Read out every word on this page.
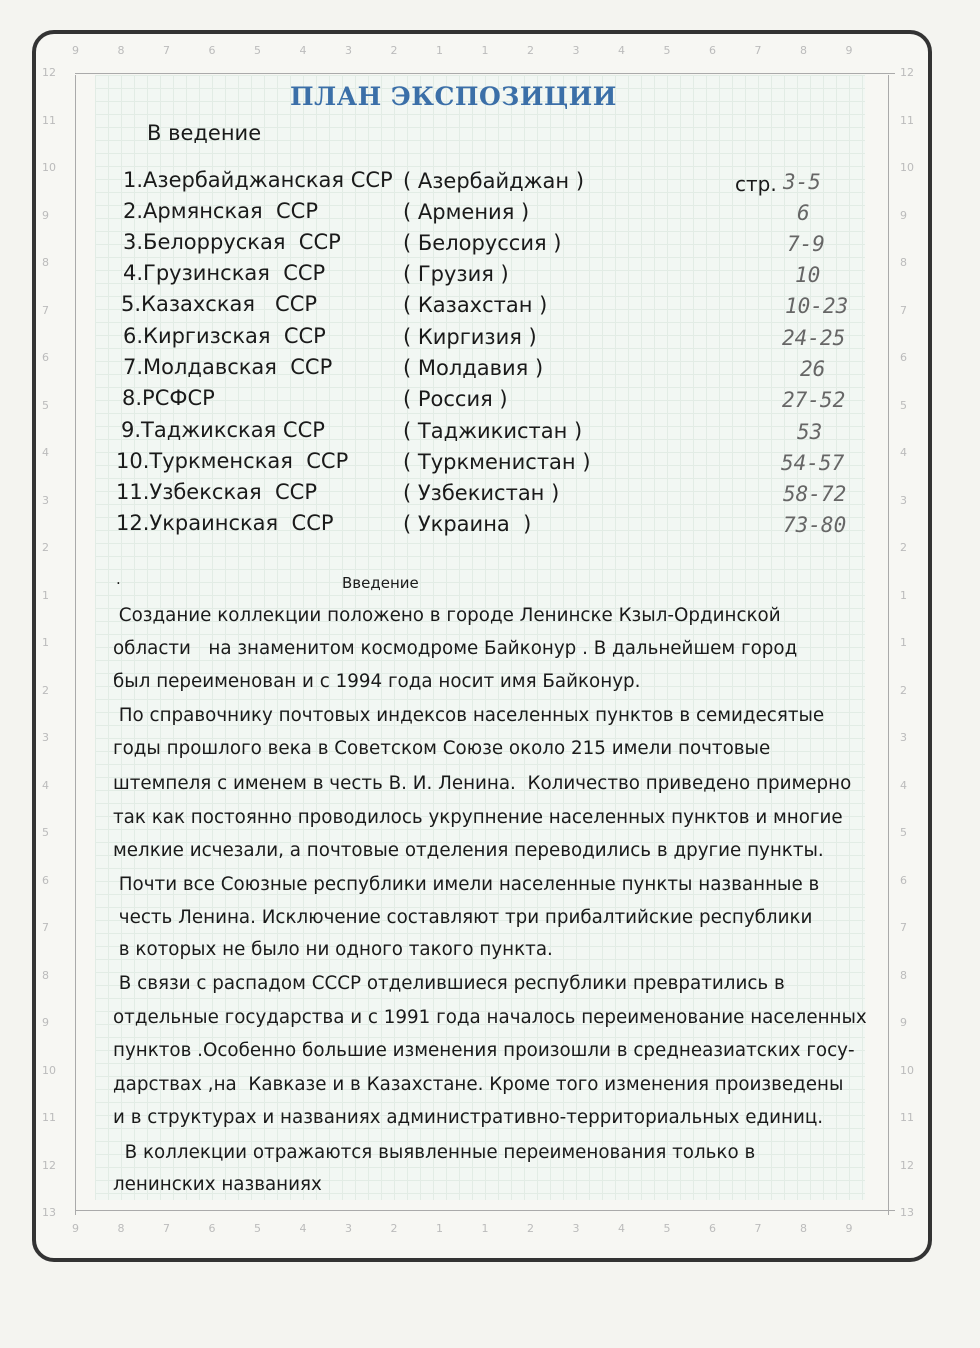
9
9
8
8
7
7
6
6
5
5
4
4
3
3
2
2
1
1
1
1
2
2
3
3
4
4
5
5
6
6
7
7
8
8
9
9
12	12
11	11
10	10
9	9
8	8
7	7
6	6
5	5
4	4
3	3
2	2
1	1
1	1
2	2
3	3
4	4
5	5
6	6
7	7
8	8
9	9
10	10
11	11
12	12
13	13
ПЛАН ЭКСПОЗИЦИИ
В ведение
стр.
1.Азербайджанская ССР ( Азербайджан )	3-5
2.Армянская  ССР	( Армения )	6
3.Белорруская  ССР	( Белоруссия )	7-9
4.Грузинская  ССР	( Грузия )	10
5.Казахская   ССР	( Казахстан )	10-23
6.Киргизская  ССР	( Киргизия )	24-25
7.Молдавская  ССР	( Молдавия )	26
8.РСФСР	( Россия )	27-52
9.Таджикская ССР	( Таджикистан )	53
10.Туркменская  ССР	( Туркменистан )	54-57
11.Узбекская  ССР	( Узбекистан )	58-72
12.Украинская  ССР	( Украина  )	73-80
.	Введение
Создание коллекции положено в городе Ленинске Кзыл-Ординской
области   на знаменитом космодроме Байконур . В дальнейшем город
был переименован и с 1994 года носит имя Байконур.
По справочнику почтовых индексов населенных пунктов в семидесятые
годы прошлого века в Советском Союзе около 215 имели почтовые
штемпеля с именем в честь В. И. Ленина.  Количество приведено примерно
так как постоянно проводилось укрупнение населенных пунктов и многие
мелкие исчезали, а почтовые отделения переводились в другие пункты.
Почти все Союзные республики имели населенные пункты названные в
честь Ленина. Исключение составляют три прибалтийские республики
в которых не было ни одного такого пункта.
В связи с распадом СССР отделившиеся республики превратились в
отдельные государства и с 1991 года началось переименование населенных
пунктов .Особенно большие изменения произошли в среднеазиатских госу-
дарствах ,на  Кавказе и в Казахстане. Кроме того изменения произведены
и в структурах и названиях административно-территориальных единиц.
В коллекции отражаются выявленные переименования только в
ленинских названиях
